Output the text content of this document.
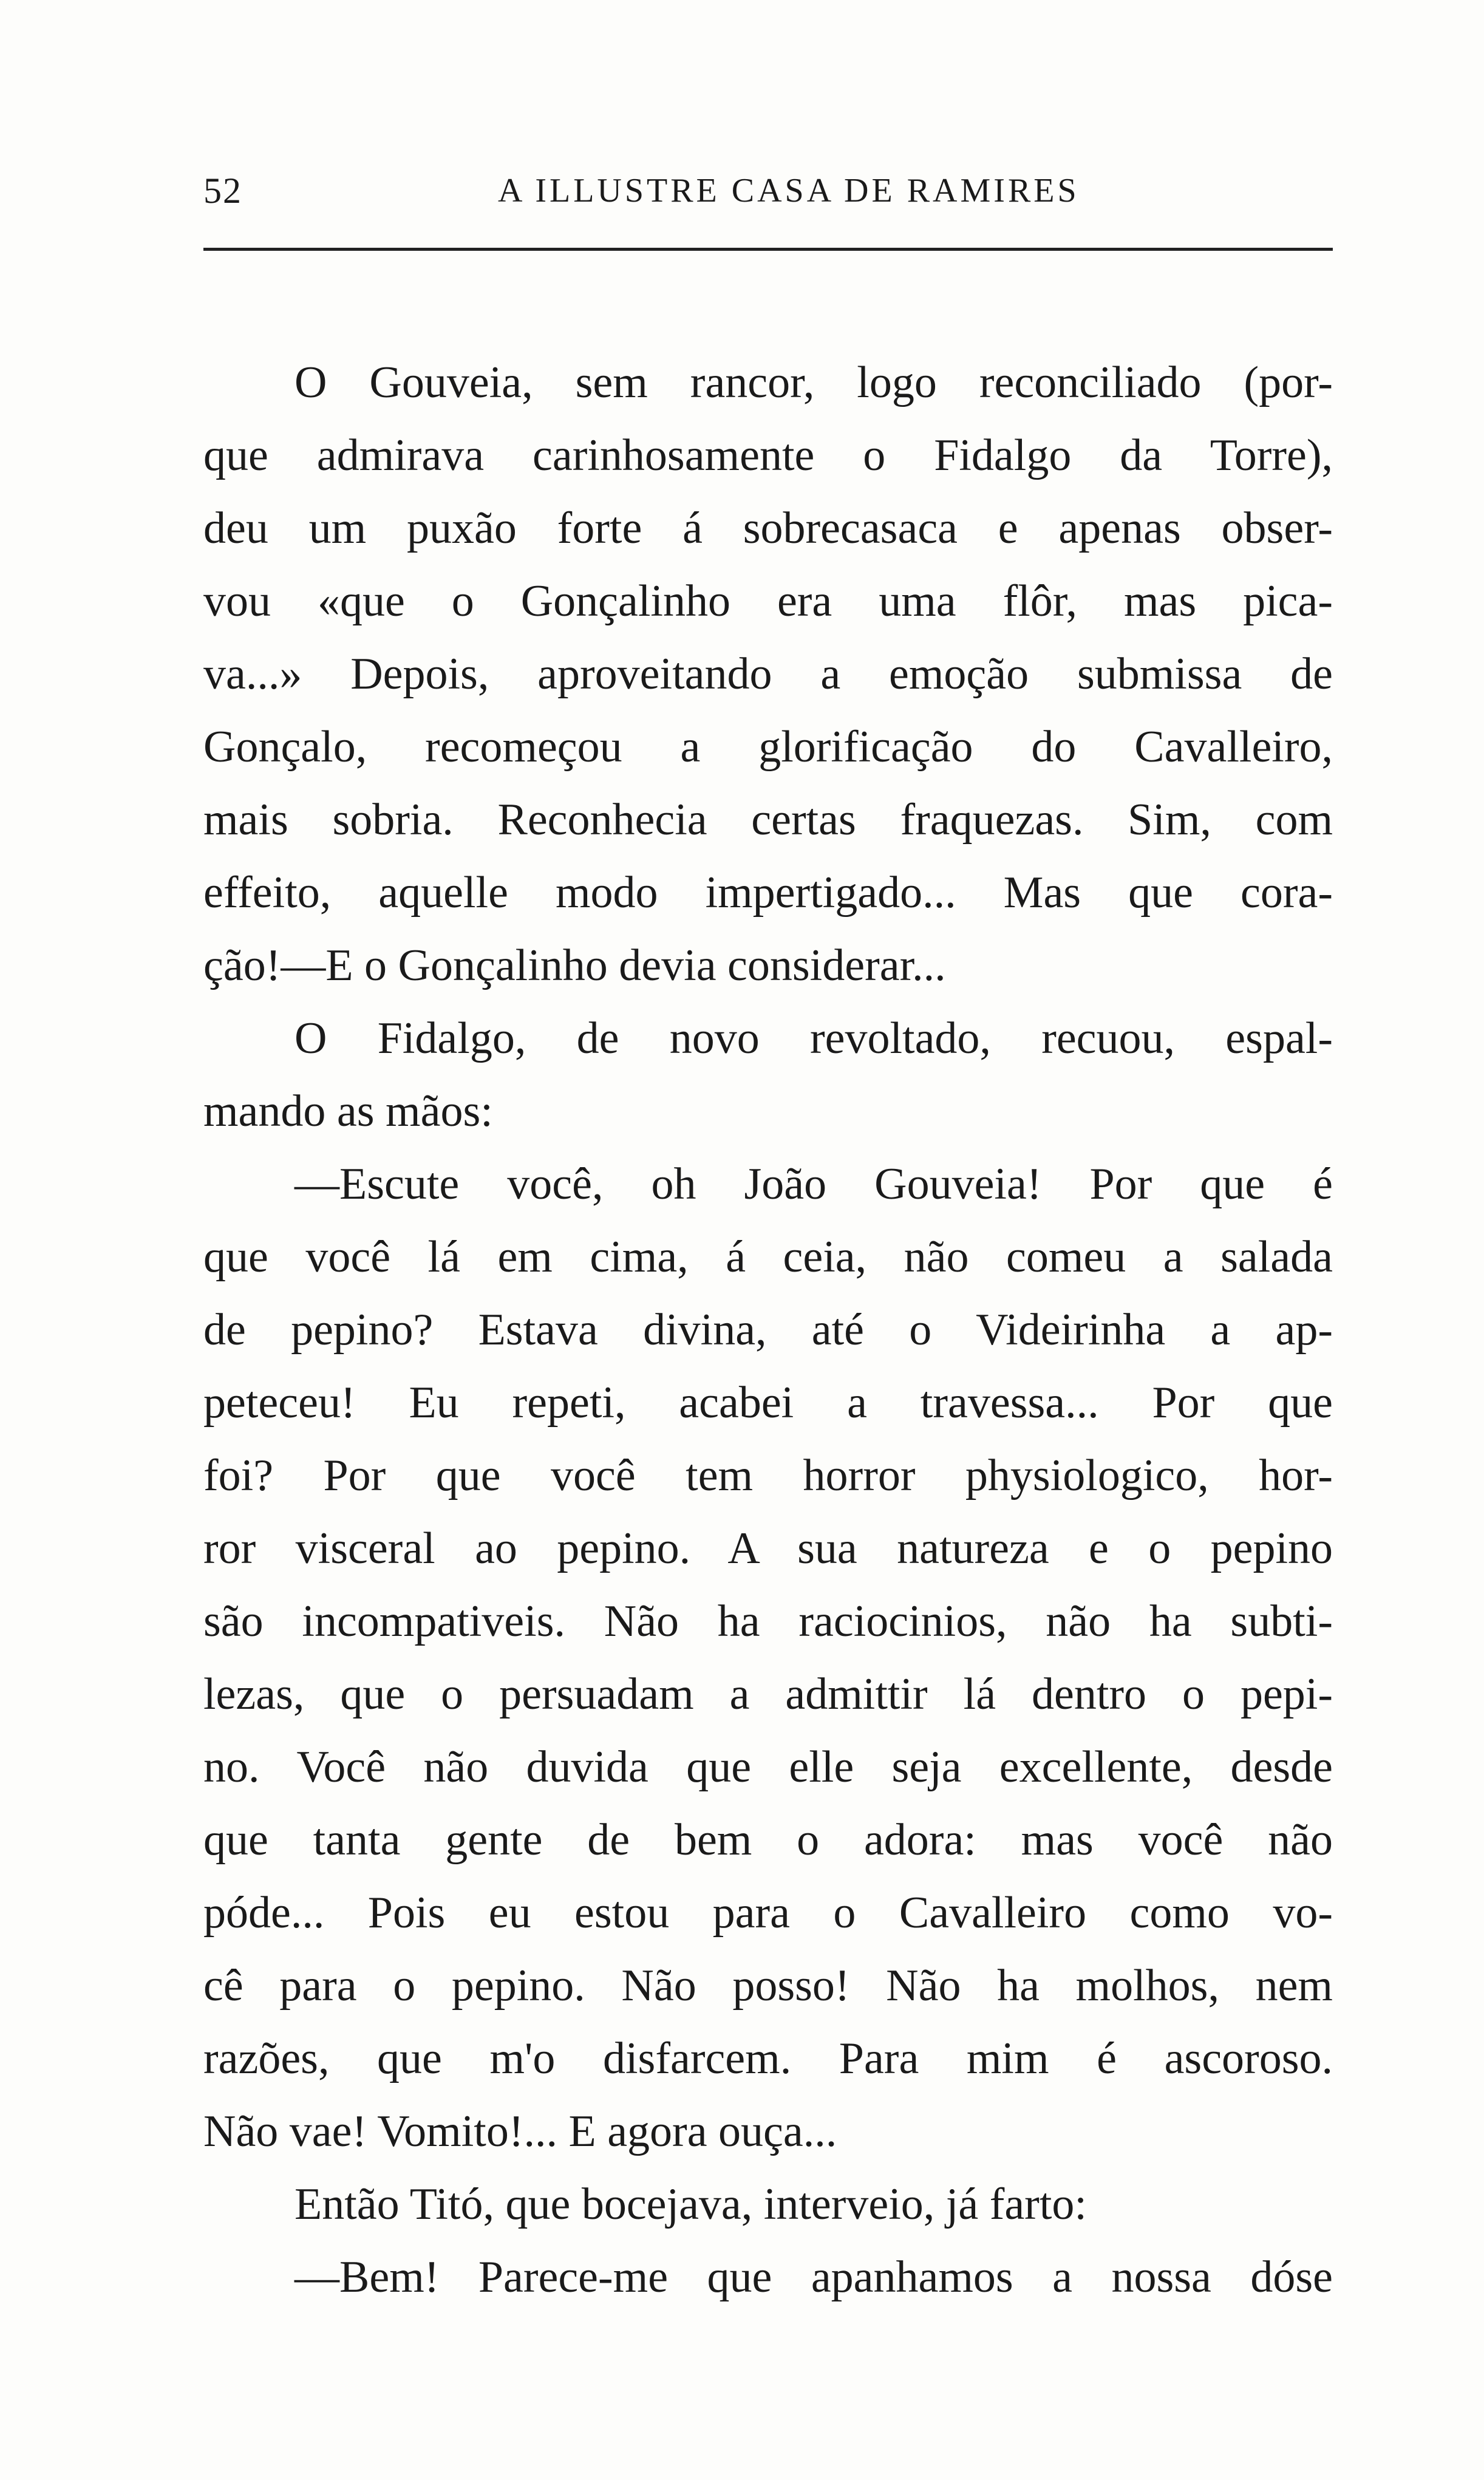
52	A ILLUSTRE CASA DE RAMIRES
O Gouveia, sem rancor, logo reconciliado (por-
que admirava carinhosamente o Fidalgo da Torre),
deu um puxão forte á sobrecasaca e apenas obser-
vou «que o Gonçalinho era uma flôr, mas pica-
va...» Depois, aproveitando a emoção submissa de
Gonçalo, recomeçou a glorificação do Cavalleiro,
mais sobria. Reconhecia certas fraquezas. Sim, com
effeito, aquelle modo impertigado... Mas que cora-
ção!—E o Gonçalinho devia considerar...
O Fidalgo, de novo revoltado, recuou, espal-
mando as mãos:
—Escute você, oh João Gouveia! Por que é
que você lá em cima, á ceia, não comeu a salada
de pepino? Estava divina, até o Videirinha a ap-
peteceu! Eu repeti, acabei a travessa... Por que
foi? Por que você tem horror physiologico, hor-
ror visceral ao pepino. A sua natureza e o pepino
são incompativeis. Não ha raciocinios, não ha subti-
lezas, que o persuadam a admittir lá dentro o pepi-
no. Você não duvida que elle seja excellente, desde
que tanta gente de bem o adora: mas você não
póde... Pois eu estou para o Cavalleiro como vo-
cê para o pepino. Não posso! Não ha molhos, nem
razões, que m'o disfarcem. Para mim é ascoroso.
Não vae! Vomito!... E agora ouça...
Então Titó, que bocejava, interveio, já farto:
—Bem! Parece-me que apanhamos a nossa dóse
